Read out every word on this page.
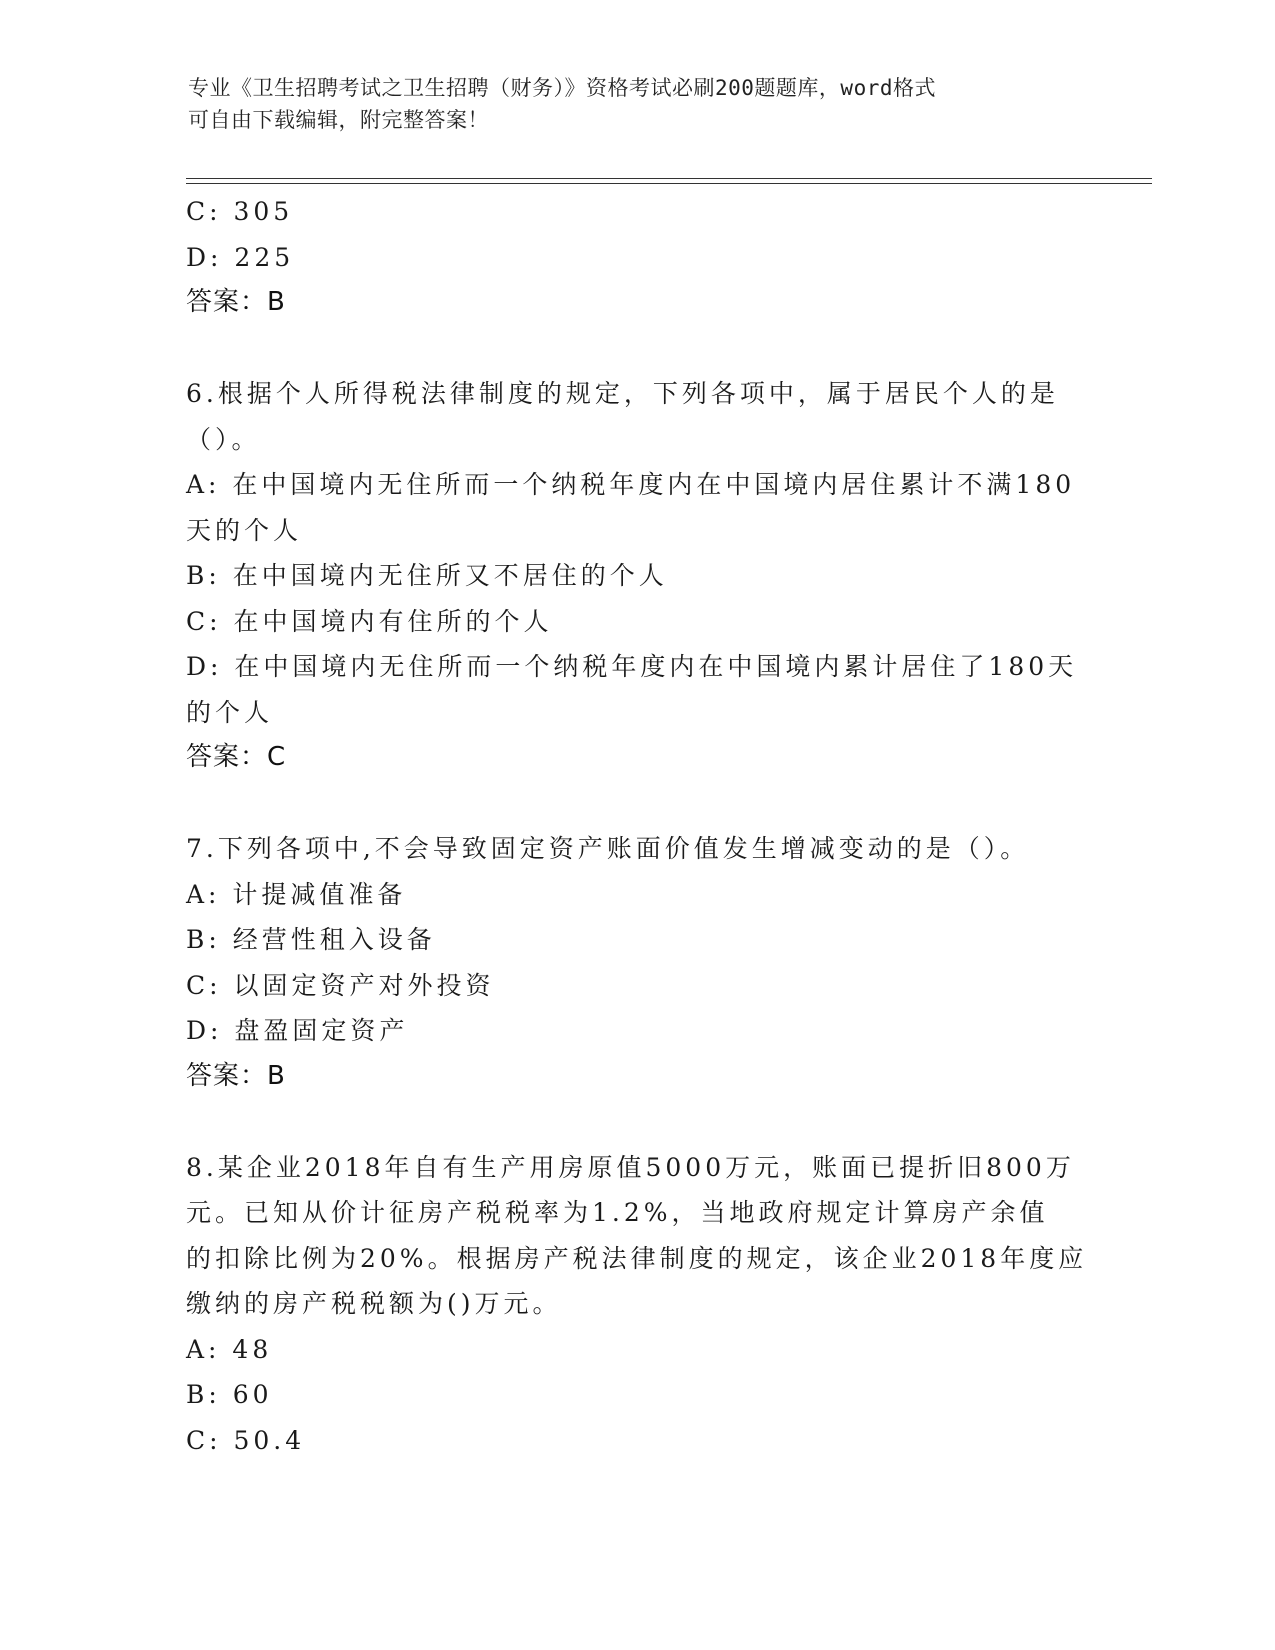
专业《卫生招聘考试之卫生招聘（财务）》资格考试必刷200题题库，word格式
可自由下载编辑，附完整答案！
C: 305
D: 225
答案：B
6.根据个人所得税法律制度的规定，下列各项中，属于居民个人的是
（）。
A: 在中国境内无住所而一个纳税年度内在中国境内居住累计不满180
天的个人
B: 在中国境内无住所又不居住的个人
C: 在中国境内有住所的个人
D: 在中国境内无住所而一个纳税年度内在中国境内累计居住了180天
的个人
答案：C
7.下列各项中,不会导致固定资产账面价值发生增减变动的是（）。
A: 计提减值准备
B: 经营性租入设备
C: 以固定资产对外投资
D: 盘盈固定资产
答案：B
8.某企业2018年自有生产用房原值5000万元，账面已提折旧800万
元。已知从价计征房产税税率为1.2%，当地政府规定计算房产余值
的扣除比例为20%。根据房产税法律制度的规定，该企业2018年度应
缴纳的房产税税额为()万元。
A: 48
B: 60
C: 50.4
